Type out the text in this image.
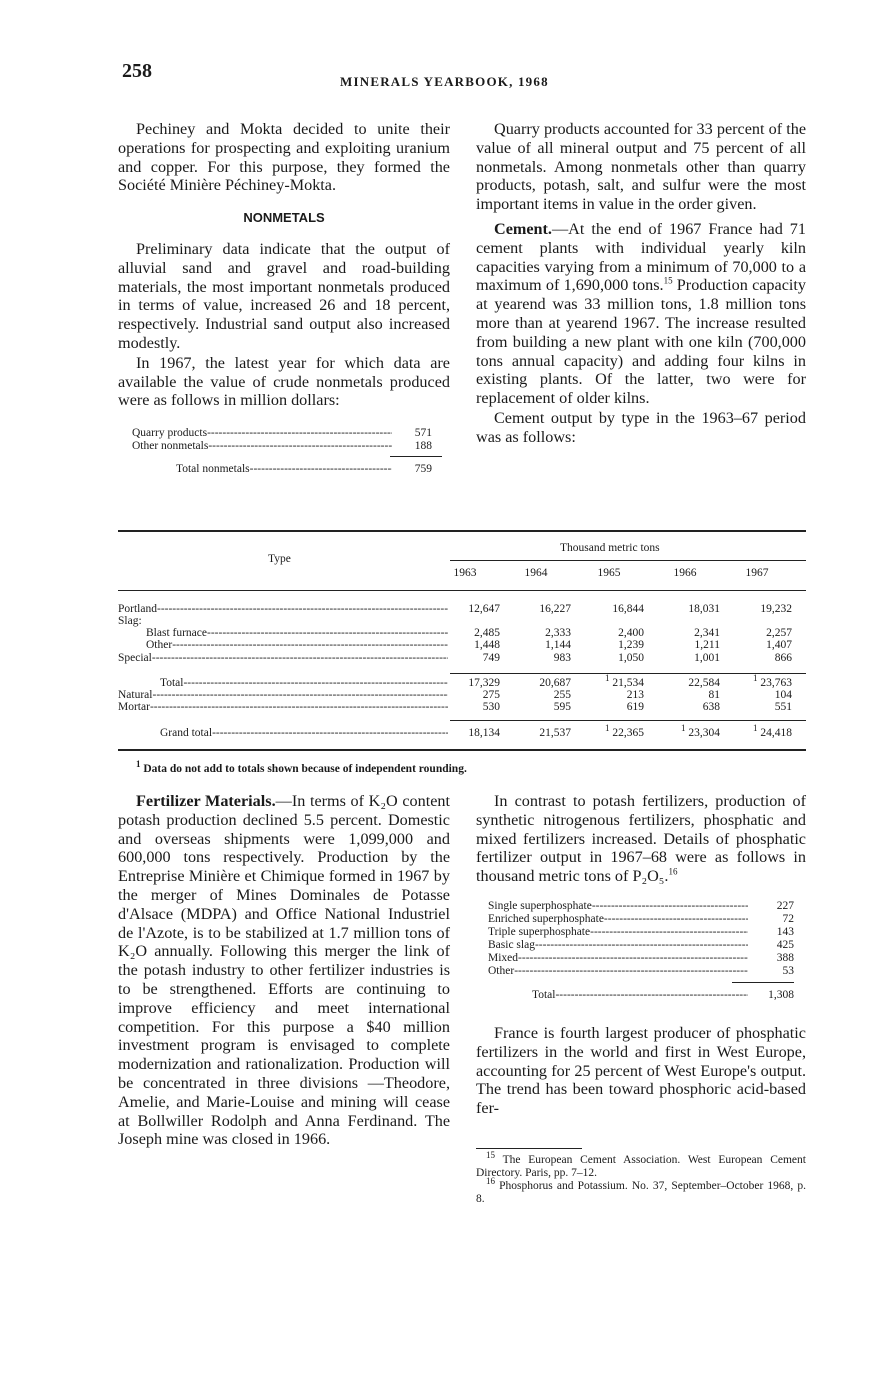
258	MINERALS YEARBOOK, 1968

Pechiney and Mokta decided to unite their operations for prospecting and exploiting uranium and copper. For this purpose, they formed the Société Minière Péchiney-Mokta.

NONMETALS

Preliminary data indicate that the output of alluvial sand and gravel and road-building materials, the most important nonmetals produced in terms of value, increased 26 and 18 percent, respectively. Industrial sand output also increased modestly.

In 1967, the latest year for which data are available the value of crude nonmetals produced were as follows in million dollars:

Quarry products -----	571
Other nonmetals -----	188
Total nonmetals -----	759

Quarry products accounted for 33 percent of the value of all mineral output and 75 percent of all nonmetals. Among nonmetals other than quarry products, potash, salt, and sulfur were the most important items in value in the order given.

Cement.—At the end of 1967 France had 71 cement plants with individual yearly kiln capacities varying from a minimum of 70,000 to a maximum of 1,690,000 tons.$^{15}$ Production capacity at yearend was 33 million tons, 1.8 million tons more than at yearend 1967. The increase resulted from building a new plant with one kiln (700,000 tons annual capacity) and adding four kilns in existing plants. Of the latter, two were for replacement of older kilns.

Cement output by type in the 1963–67 period was as follows:

Type
Thousand metric tons
1963	1964	1965	1966	1967
Portland -----	12,647	16,227	16,844	18,031	19,232
Slag:
Blast furnace -----	2,485	2,333	2,400	2,341	2,257
Other -----	1,448	1,144	1,239	1,211	1,407
Special -----	749	983	1,050	1,001	866
Total -----	17,329	20,687	$^1$ 21,534	22,584	$^1$ 23,763
Natural -----	275	255	213	81	104
Mortar -----	530	595	619	638	551
Grand total -----	18,134	21,537	$^1$ 22,365	$^1$ 23,304	$^1$ 24,418
$^1$ Data do not add to totals shown because of independent rounding.

Fertilizer Materials.—In terms of K₂O content potash production declined 5.5 percent. Domestic and overseas shipments were 1,099,000 and 600,000 tons respectively. Production by the Entreprise Minière et Chimique formed in 1967 by the merger of Mines Dominales de Potasse d'Alsace (MDPA) and Office National Industriel de l'Azote, is to be stabilized at 1.7 million tons of K₂O annually. Following this merger the link of the potash industry to other fertilizer industries is to be strengthened. Efforts are continuing to improve efficiency and meet international competition. For this purpose a $40 million investment program is envisaged to complete modernization and rationalization. Production will be concentrated in three divisions —Theodore, Amelie, and Marie-Louise and mining will cease at Bollwiller Rodolph and Anna Ferdinand. The Joseph mine was closed in 1966.

In contrast to potash fertilizers, production of synthetic nitrogenous fertilizers, phosphatic and mixed fertilizers increased. Details of phosphatic fertilizer output in 1967–68 were as follows in thousand metric tons of P₂O₅.$^{16}$

Single superphosphate -----	227
Enriched superphosphate -----	72
Triple superphosphate -----	143
Basic slag -----	425
Mixed -----	388
Other -----	53
Total -----	1,308

France is fourth largest producer of phosphatic fertilizers in the world and first in West Europe, accounting for 25 percent of West Europe's output. The trend has been toward phosphoric acid-based fer-

$^{15}$ The European Cement Association. West European Cement Directory. Paris, pp. 7–12.
$^{16}$ Phosphorus and Potassium. No. 37, September–October 1968, p. 8.
